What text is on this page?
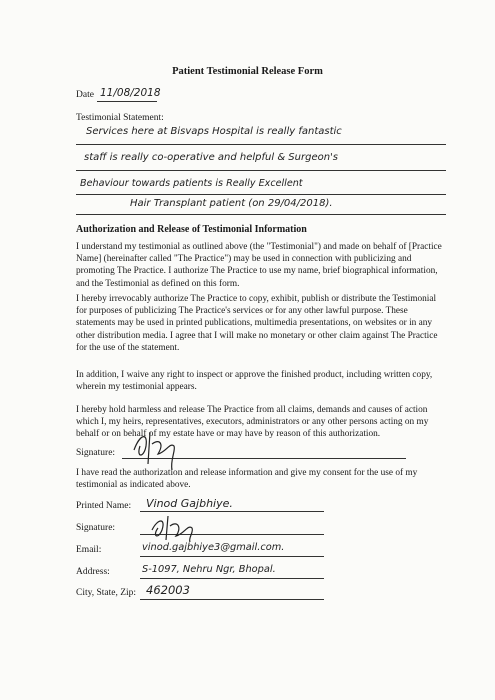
Patient Testimonial Release Form
Date 11/08/2018
Testimonial Statement:
Services here at Bisvaps Hospital is really fantastic
staff is really co-operative and helpful & Surgeon's
Behaviour towards patients is Really Excellent
Hair Transplant patient (on 29/04/2018).
Authorization and Release of Testimonial Information
I understand my testimonial as outlined above (the "Testimonial") and made on behalf of [Practice Name] (hereinafter called "The Practice") may be used in connection with publicizing and promoting The Practice. I authorize The Practice to use my name, brief biographical information, and the Testimonial as defined on this form.
I hereby irrevocably authorize The Practice to copy, exhibit, publish or distribute the Testimonial for purposes of publicizing The Practice's services or for any other lawful purpose. These statements may be used in printed publications, multimedia presentations, on websites or in any other distribution media. I agree that I will make no monetary or other claim against The Practice for the use of the statement.
In addition, I waive any right to inspect or approve the finished product, including written copy, wherein my testimonial appears.
I hereby hold harmless and release The Practice from all claims, demands and causes of action which I, my heirs, representatives, executors, administrators or any other persons acting on my behalf or on behalf of my estate have or may have by reason of this authorization.
Signature:
I have read the authorization and release information and give my consent for the use of my testimonial as indicated above.
Printed Name: Vinod Gajbhiye.
Signature:
Email:	vinod.gajbhiye3@gmail.com.
Address:	S-1097, Nehru Ngr, Bhopal.
City, State, Zip: 462003
